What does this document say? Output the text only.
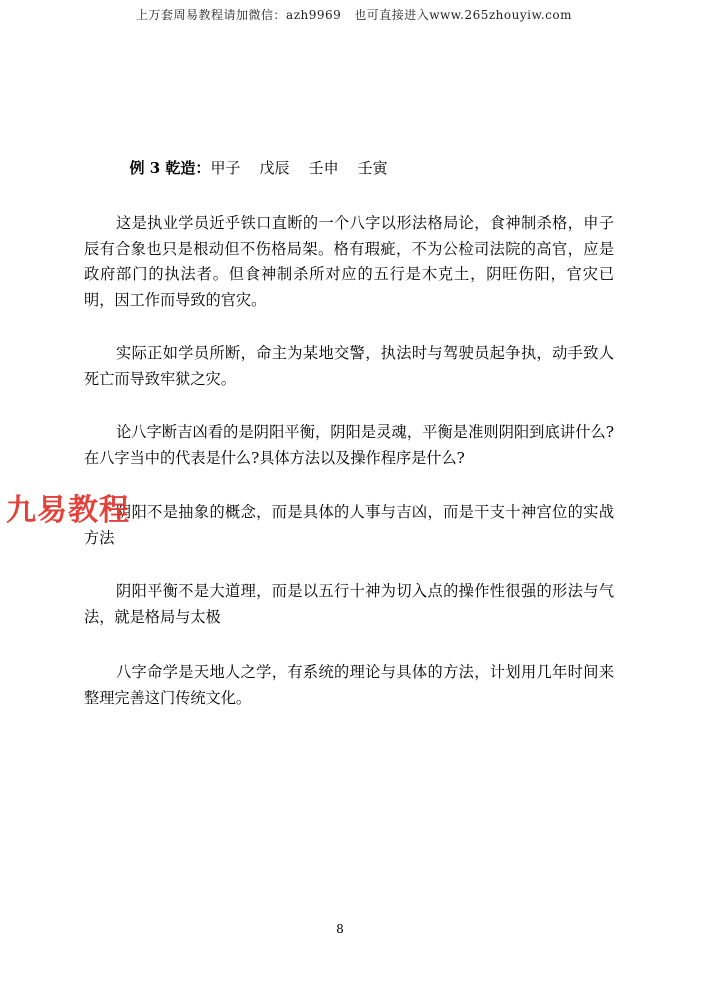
上万套周易教程请加微信：azh9969   也可直接进入www.265zhouyiw.com

例 3 乾造：甲子    戊辰    壬申    壬寅

这是执业学员近乎铁口直断的一个八字以形法格局论，食神制杀格，申子辰有合象也只是根动但不伤格局架。格有瑕疵，不为公检司法院的高官，应是政府部门的执法者。但食神制杀所对应的五行是木克土，阴旺伤阳，官灾已明，因工作而导致的官灾。

实际正如学员所断，命主为某地交警，执法时与驾驶员起争执，动手致人死亡而导致牢狱之灾。

论八字断吉凶看的是阴阳平衡，阴阳是灵魂，平衡是准则阴阳到底讲什么?在八字当中的代表是什么?具体方法以及操作程序是什么?

阴阳不是抽象的概念，而是具体的人事与吉凶，而是干支十神宫位的实战方法

阴阳平衡不是大道理，而是以五行十神为切入点的操作性很强的形法与气法，就是格局与太极

八字命学是天地人之学，有系统的理论与具体的方法，计划用几年时间来整理完善这门传统文化。

九易教程
8
